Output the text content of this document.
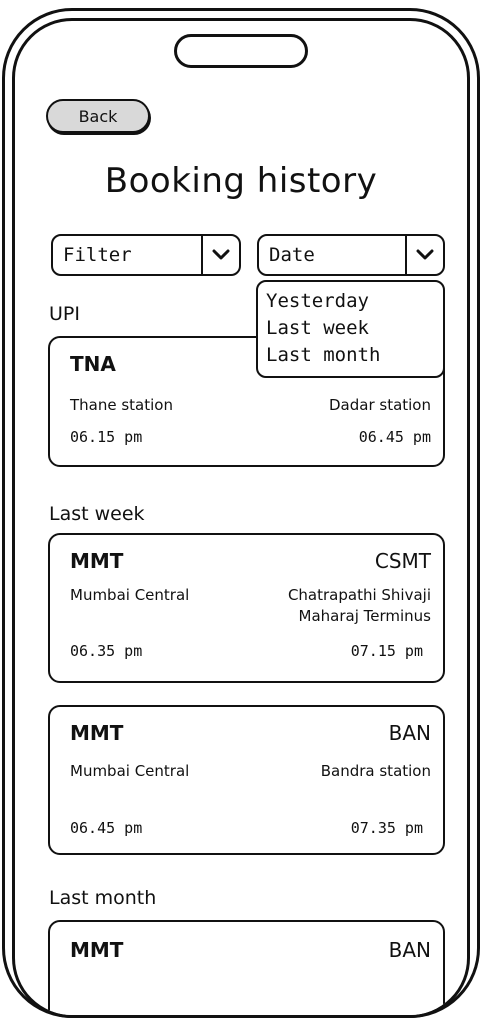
Back
Booking history
Filter	Date
Yesterday
Last week
Last month
UPI
TNA
Thane station	Dadar station
06.15 pm	06.45 pm
Last week
MMT	CSMT
Mumbai Central	Chatrapathi Shivaji
Maharaj Terminus
06.35 pm	07.15 pm
MMT	BAN
Mumbai Central	Bandra station
06.45 pm	07.35 pm
Last month
MMT	BAN
